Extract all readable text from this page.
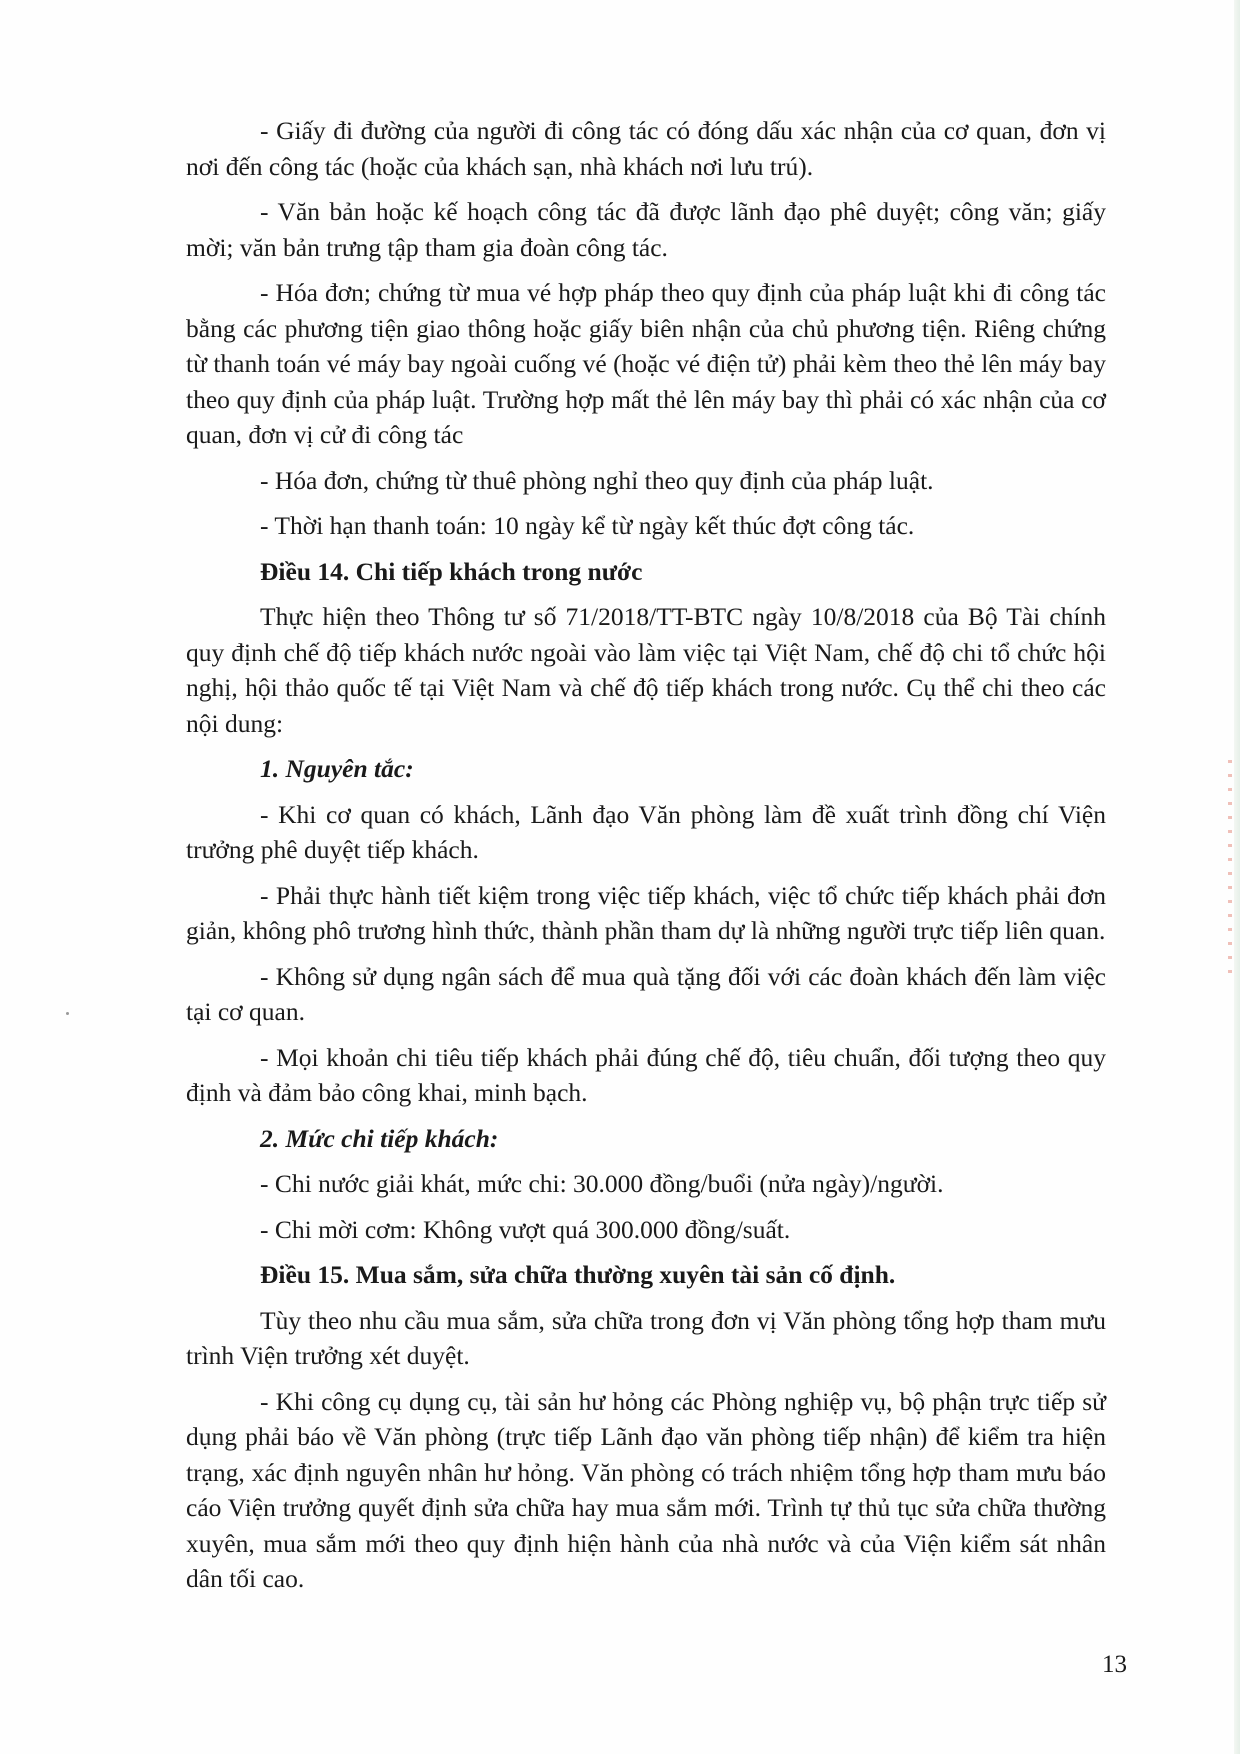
- Giấy đi đường của người đi công tác có đóng dấu xác nhận của cơ quan, đơn vị nơi đến công tác (hoặc của khách sạn, nhà khách nơi lưu trú).

- Văn bản hoặc kế hoạch công tác đã được lãnh đạo phê duyệt; công văn; giấy mời; văn bản trưng tập tham gia đoàn công tác.

- Hóa đơn; chứng từ mua vé hợp pháp theo quy định của pháp luật khi đi công tác bằng các phương tiện giao thông hoặc giấy biên nhận của chủ phương tiện. Riêng chứng từ thanh toán vé máy bay ngoài cuống vé (hoặc vé điện tử) phải kèm theo thẻ lên máy bay theo quy định của pháp luật. Trường hợp mất thẻ lên máy bay thì phải có xác nhận của cơ quan, đơn vị cử đi công tác

- Hóa đơn, chứng từ thuê phòng nghỉ theo quy định của pháp luật.

- Thời hạn thanh toán: 10 ngày kể từ ngày kết thúc đợt công tác.

Điều 14. Chi tiếp khách trong nước

Thực hiện theo Thông tư số 71/2018/TT-BTC ngày 10/8/2018 của Bộ Tài chính quy định chế độ tiếp khách nước ngoài vào làm việc tại Việt Nam, chế độ chi tổ chức hội nghị, hội thảo quốc tế tại Việt Nam và chế độ tiếp khách trong nước. Cụ thể chi theo các nội dung:

1. Nguyên tắc:

- Khi cơ quan có khách, Lãnh đạo Văn phòng làm đề xuất trình đồng chí Viện trưởng phê duyệt tiếp khách.

- Phải thực hành tiết kiệm trong việc tiếp khách, việc tổ chức tiếp khách phải đơn giản, không phô trương hình thức, thành phần tham dự là những người trực tiếp liên quan.

- Không sử dụng ngân sách để mua quà tặng đối với các đoàn khách đến làm việc tại cơ quan.

- Mọi khoản chi tiêu tiếp khách phải đúng chế độ, tiêu chuẩn, đối tượng theo quy định và đảm bảo công khai, minh bạch.

2. Mức chi tiếp khách:

- Chi nước giải khát, mức chi: 30.000 đồng/buổi (nửa ngày)/người.

- Chi mời cơm: Không vượt quá 300.000 đồng/suất.

Điều 15. Mua sắm, sửa chữa thường xuyên tài sản cố định.

Tùy theo nhu cầu mua sắm, sửa chữa trong đơn vị Văn phòng tổng hợp tham mưu trình Viện trưởng xét duyệt.

- Khi công cụ dụng cụ, tài sản hư hỏng các Phòng nghiệp vụ, bộ phận trực tiếp sử dụng phải báo về Văn phòng (trực tiếp Lãnh đạo văn phòng tiếp nhận) để kiểm tra hiện trạng, xác định nguyên nhân hư hỏng. Văn phòng có trách nhiệm tổng hợp tham mưu báo cáo Viện trưởng quyết định sửa chữa hay mua sắm mới. Trình tự thủ tục sửa chữa thường xuyên, mua sắm mới theo quy định hiện hành của nhà nước và của Viện kiểm sát nhân dân tối cao.

13
